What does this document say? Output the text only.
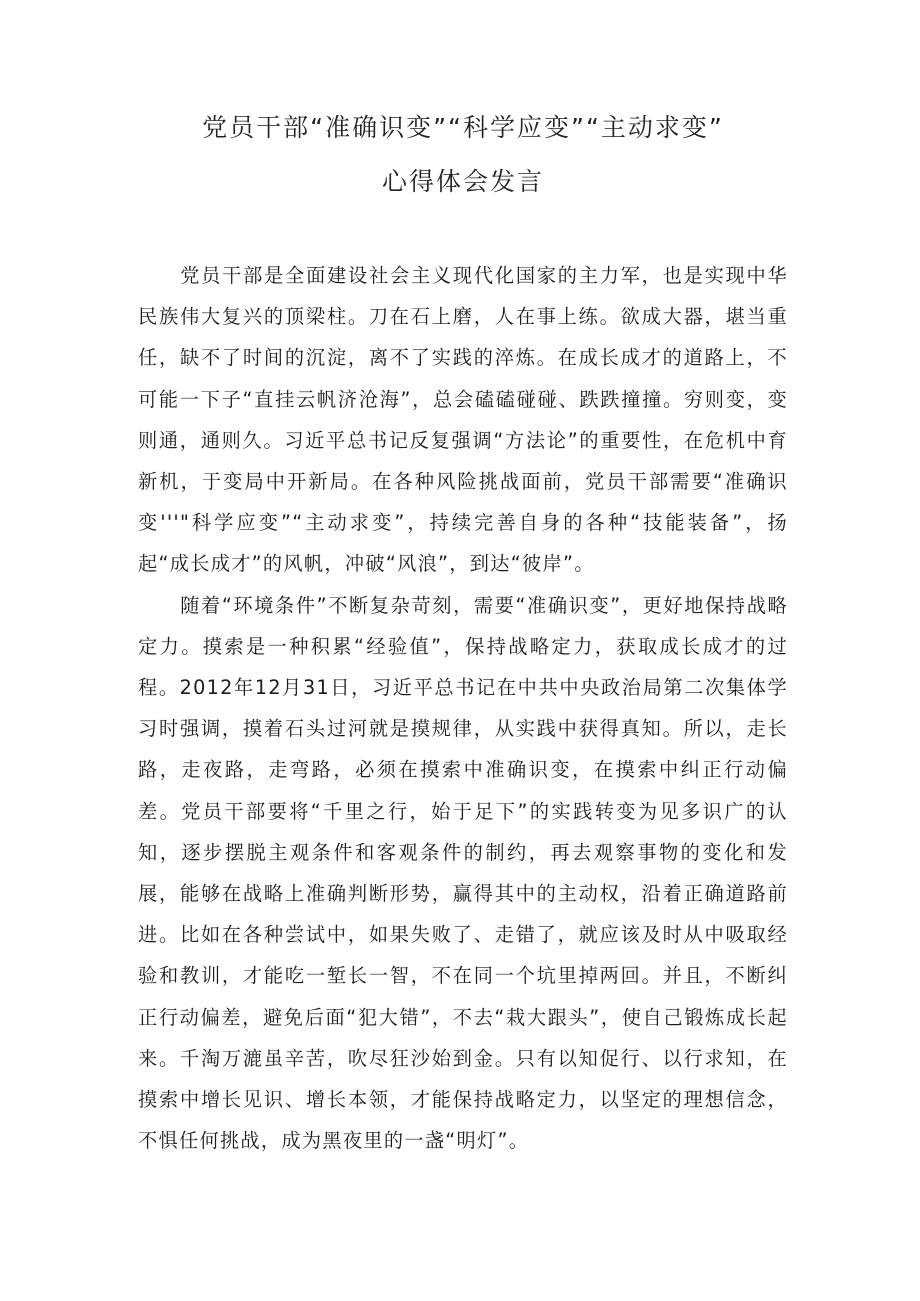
党员干部“准确识变”“科学应变”“主动求变”
心得体会发言

党员干部是全面建设社会主义现代化国家的主力军，也是实现中华民族伟大复兴的顶梁柱。刀在石上磨，人在事上练。欲成大器，堪当重任，缺不了时间的沉淀，离不了实践的淬炼。在成长成才的道路上，不可能一下子“直挂云帆济沧海”，总会磕磕碰碰、跌跌撞撞。穷则变，变则通，通则久。习近平总书记反复强调“方法论”的重要性，在危机中育新机，于变局中开新局。在各种风险挑战面前，党员干部需要“准确识变'''"科学应变”“主动求变”，持续完善自身的各种“技能装备”，扬起“成长成才”的风帆，冲破“风浪”，到达“彼岸”。

随着“环境条件”不断复杂苛刻，需要“准确识变”，更好地保持战略定力。摸索是一种积累“经验值”，保持战略定力，获取成长成才的过程。2012年12月31日，习近平总书记在中共中央政治局第二次集体学习时强调，摸着石头过河就是摸规律，从实践中获得真知。所以，走长路，走夜路，走弯路，必须在摸索中准确识变，在摸索中纠正行动偏差。党员干部要将“千里之行，始于足下”的实践转变为见多识广的认知，逐步摆脱主观条件和客观条件的制约，再去观察事物的变化和发展，能够在战略上准确判断形势，赢得其中的主动权，沿着正确道路前进。比如在各种尝试中，如果失败了、走错了，就应该及时从中吸取经验和教训，才能吃一堑长一智，不在同一个坑里掉两回。并且，不断纠正行动偏差，避免后面“犯大错”，不去“栽大跟头”，使自己锻炼成长起来。千淘万漉虽辛苦，吹尽狂沙始到金。只有以知促行、以行求知，在摸索中增长见识、增长本领，才能保持战略定力，以坚定的理想信念，不惧任何挑战，成为黑夜里的一盏“明灯”。
